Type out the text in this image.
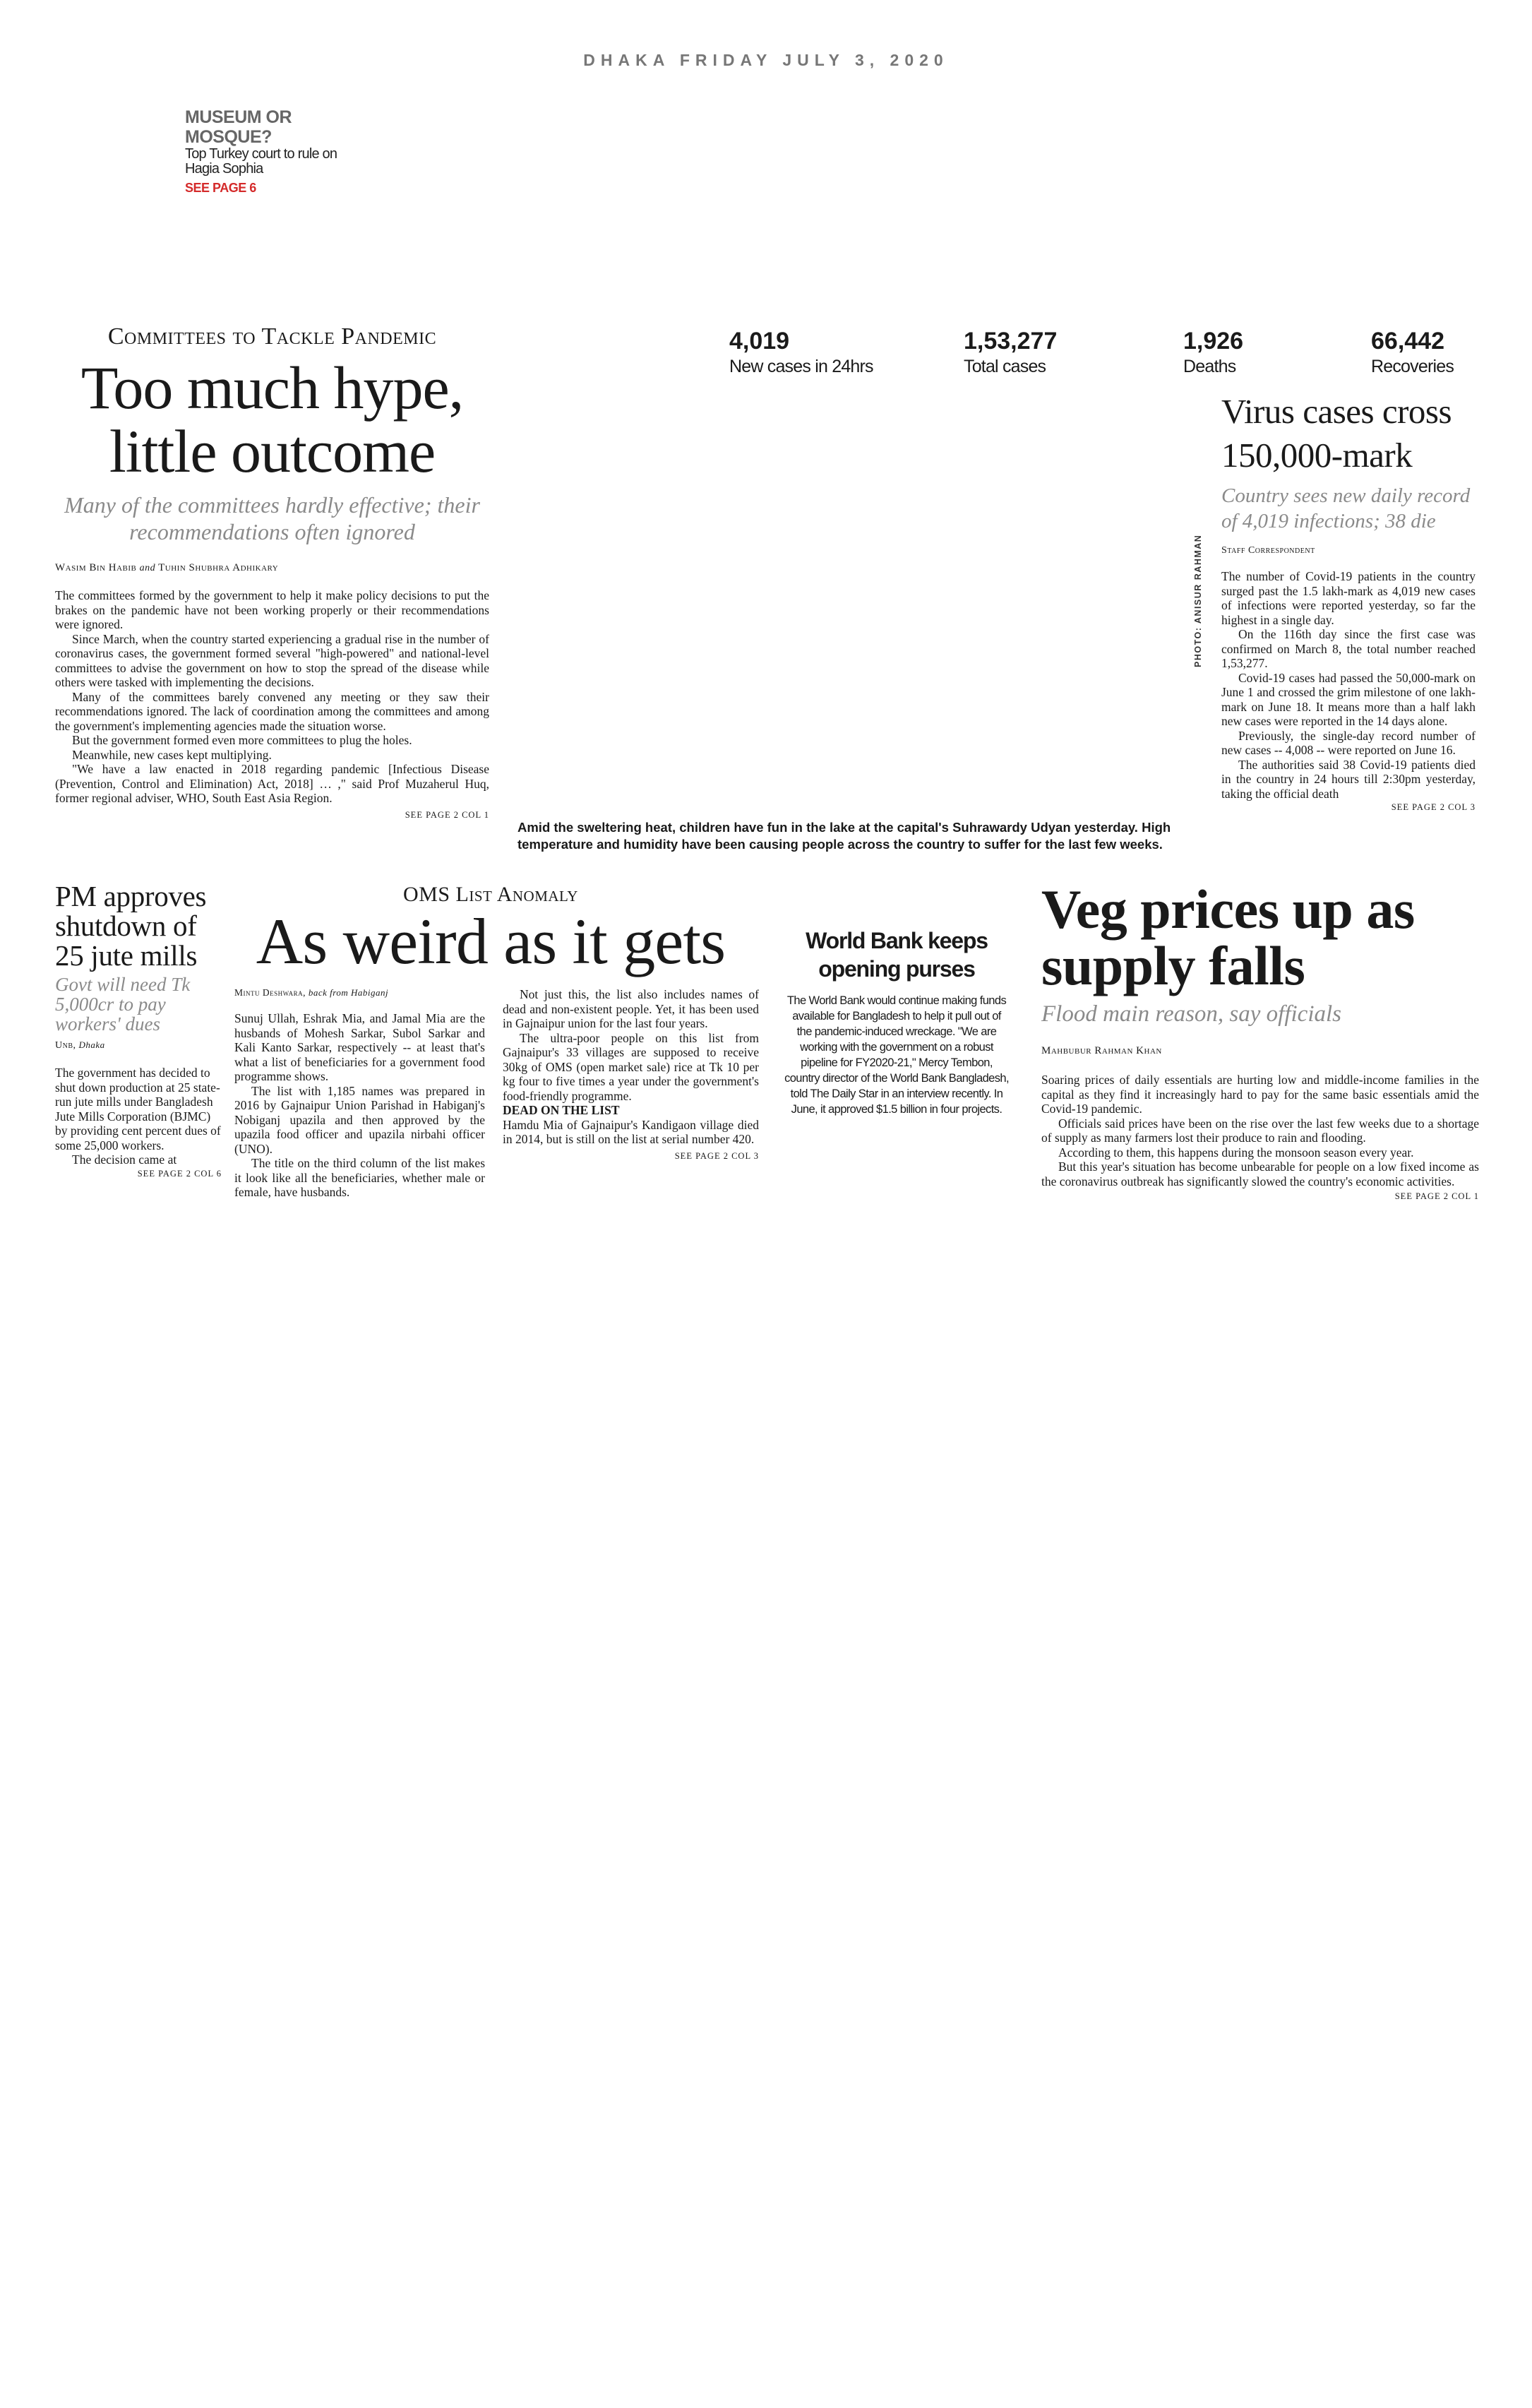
DHAKA FRIDAY JULY 3, 2020
MUSEUM OR MOSQUE?
Top Turkey court to rule on Hagia Sophia
SEE PAGE 6
Committees to Tackle Pandemic
Too much hype, little outcome
Many of the committees hardly effective; their recommendations often ignored
Wasim Bin Habib and Tuhin Shubhra Adhikary

The committees formed by the government to help it make policy decisions to put the brakes on the pandemic have not been working properly or their recommendations were ignored.

Since March, when the country started experiencing a gradual rise in the number of coronavirus cases, the government formed several "high-powered" and national-level committees to advise the government on how to stop the spread of the disease while others were tasked with implementing the decisions.

Many of the committees barely convened any meeting or they saw their recommendations ignored. The lack of coordination among the committees and among the government's implementing agencies made the situation worse.

But the government formed even more committees to plug the holes.

Meanwhile, new cases kept multiplying.

"We have a law enacted in 2018 regarding pandemic [Infectious Disease (Prevention, Control and Elimination) Act, 2018] … ," said Prof Muzaherul Huq, former regional adviser, WHO, South East Asia Region.

SEE PAGE 2 COL 1
4,019
New cases in 24hrs
1,53,277
Total cases
1,926
Deaths
66,442
Recoveries
PHOTO: ANISUR RAHMAN
Amid the sweltering heat, children have fun in the lake at the capital's Suhrawardy Udyan yesterday. High temperature and humidity have been causing people across the country to suffer for the last few weeks.
Virus cases cross 150,000-mark
Country sees new daily record of 4,019 infections; 38 die
Staff Correspondent

The number of Covid-19 patients in the country surged past the 1.5 lakh-mark as 4,019 new cases of infections were reported yesterday, so far the highest in a single day.

On the 116th day since the first case was confirmed on March 8, the total number reached 1,53,277.

Covid-19 cases had passed the 50,000-mark on June 1 and crossed the grim milestone of one lakh-mark on June 18. It means more than a half lakh new cases were reported in the 14 days alone.

Previously, the single-day record number of new cases -- 4,008 -- were reported on June 16.

The authorities said 38 Covid-19 patients died in the country in 24 hours till 2:30pm yesterday, taking the official death

SEE PAGE 2 COL 3
PM approves shutdown of 25 jute mills
Govt will need Tk 5,000cr to pay workers' dues
Unb, Dhaka

The government has decided to shut down production at 25 state-run jute mills under Bangladesh Jute Mills Corporation (BJMC) by providing cent percent dues of some 25,000 workers.

The decision came at

SEE PAGE 2 COL 6
OMS List Anomaly
As weird as it gets
Mintu Deshwara, back from Habiganj

Sunuj Ullah, Eshrak Mia, and Jamal Mia are the husbands of Mohesh Sarkar, Subol Sarkar and Kali Kanto Sarkar, respectively -- at least that's what a list of beneficiaries for a government food programme shows.

The list with 1,185 names was prepared in 2016 by Gajnaipur Union Parishad in Habiganj's Nobiganj upazila and then approved by the upazila food officer and upazila nirbahi officer (UNO).

The title on the third column of the list makes it look like all the beneficiaries, whether male or female, have husbands.

Not just this, the list also includes names of dead and non-existent people. Yet, it has been used in Gajnaipur union for the last four years.

The ultra-poor people on this list from Gajnaipur's 33 villages are supposed to receive 30kg of OMS (open market sale) rice at Tk 10 per kg four to five times a year under the government's food-friendly programme.

DEAD ON THE LIST

Hamdu Mia of Gajnaipur's Kandigaon village died in 2014, but is still on the list at serial number 420.

SEE PAGE 2 COL 3
World Bank keeps opening purses
The World Bank would continue making funds available for Bangladesh to help it pull out of the pandemic-induced wreckage. "We are working with the government on a robust pipeline for FY2020-21," Mercy Tembon, country director of the World Bank Bangladesh, told The Daily Star in an interview recently. In June, it approved $1.5 billion in four projects.
Veg prices up as supply falls
Flood main reason, say officials
Mahbubur Rahman Khan

Soaring prices of daily essentials are hurting low and middle-income families in the capital as they find it increasingly hard to pay for the same basic essentials amid the Covid-19 pandemic.

Officials said prices have been on the rise over the last few weeks due to a shortage of supply as many farmers lost their produce to rain and flooding.

According to them, this happens during the monsoon season every year.

But this year's situation has become unbearable for people on a low fixed income as the coronavirus outbreak has significantly slowed the country's economic activities.

SEE PAGE 2 COL 1
